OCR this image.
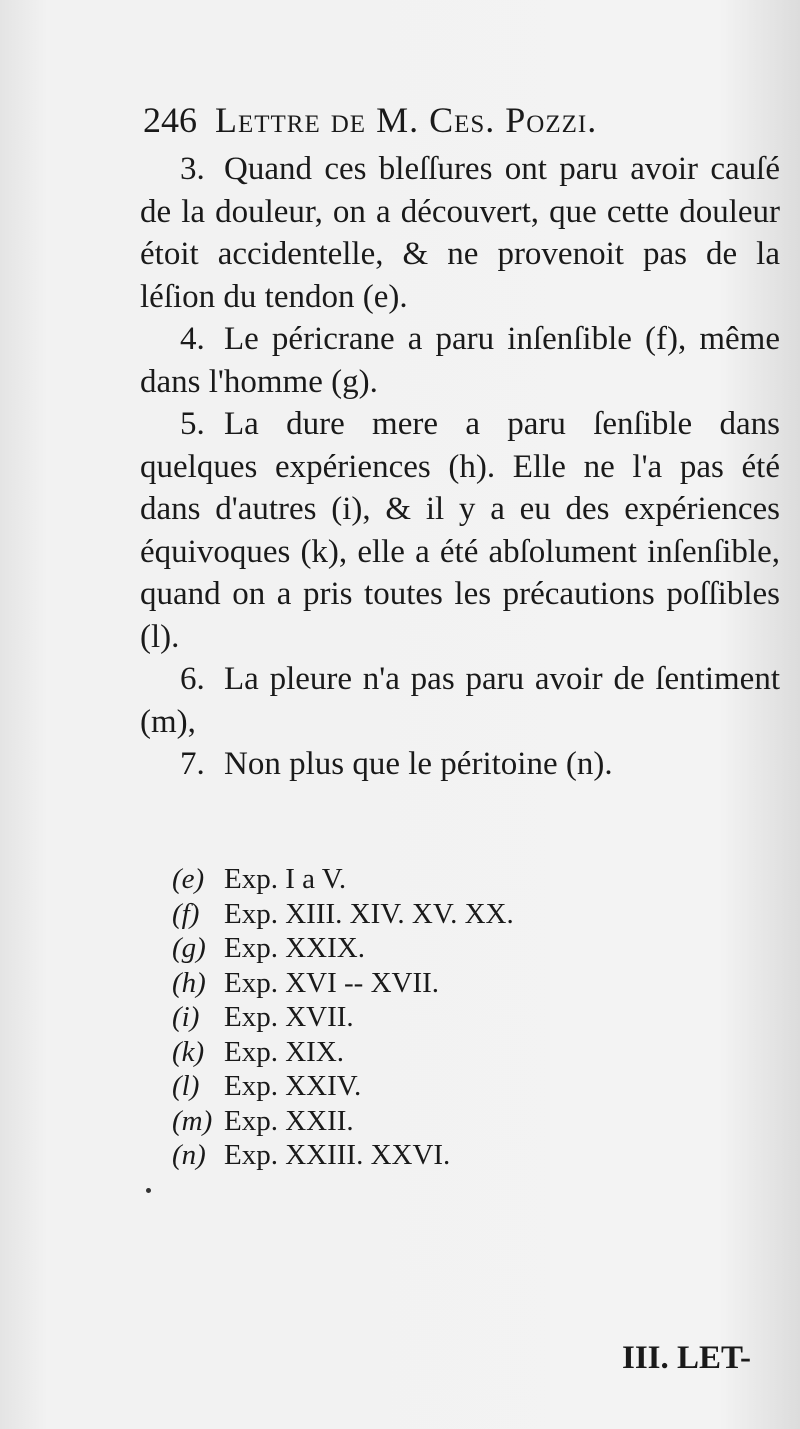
246 Lettre de M. Ces. Pozzi.

3. Quand ces bleſſures ont paru avoir cauſé de la douleur, on a découvert, que cette douleur étoit accidentelle, & ne provenoit pas de la léſion du tendon (e).

4. Le péricrane a paru inſenſible (f), même dans l'homme (g).

5. La dure mere a paru ſenſible dans quelques expériences (h). Elle ne l'a pas été dans d'autres (i), & il y a eu des expériences équivoques (k), elle a été abſolument inſenſible, quand on a pris toutes les précautions poſſibles (l).

6. La pleure n'a pas paru avoir de ſentiment (m),

7. Non plus que le péritoine (n).

(e) Exp. I a V.
(f) Exp. XIII. XIV. XV. XX.
(g) Exp. XXIX.
(h) Exp. XVI -- XVII.
(i) Exp. XVII.
(k) Exp. XIX.
(l) Exp. XXIV.
(m) Exp. XXII.
(n) Exp. XXIII. XXVI.
III. LET-
